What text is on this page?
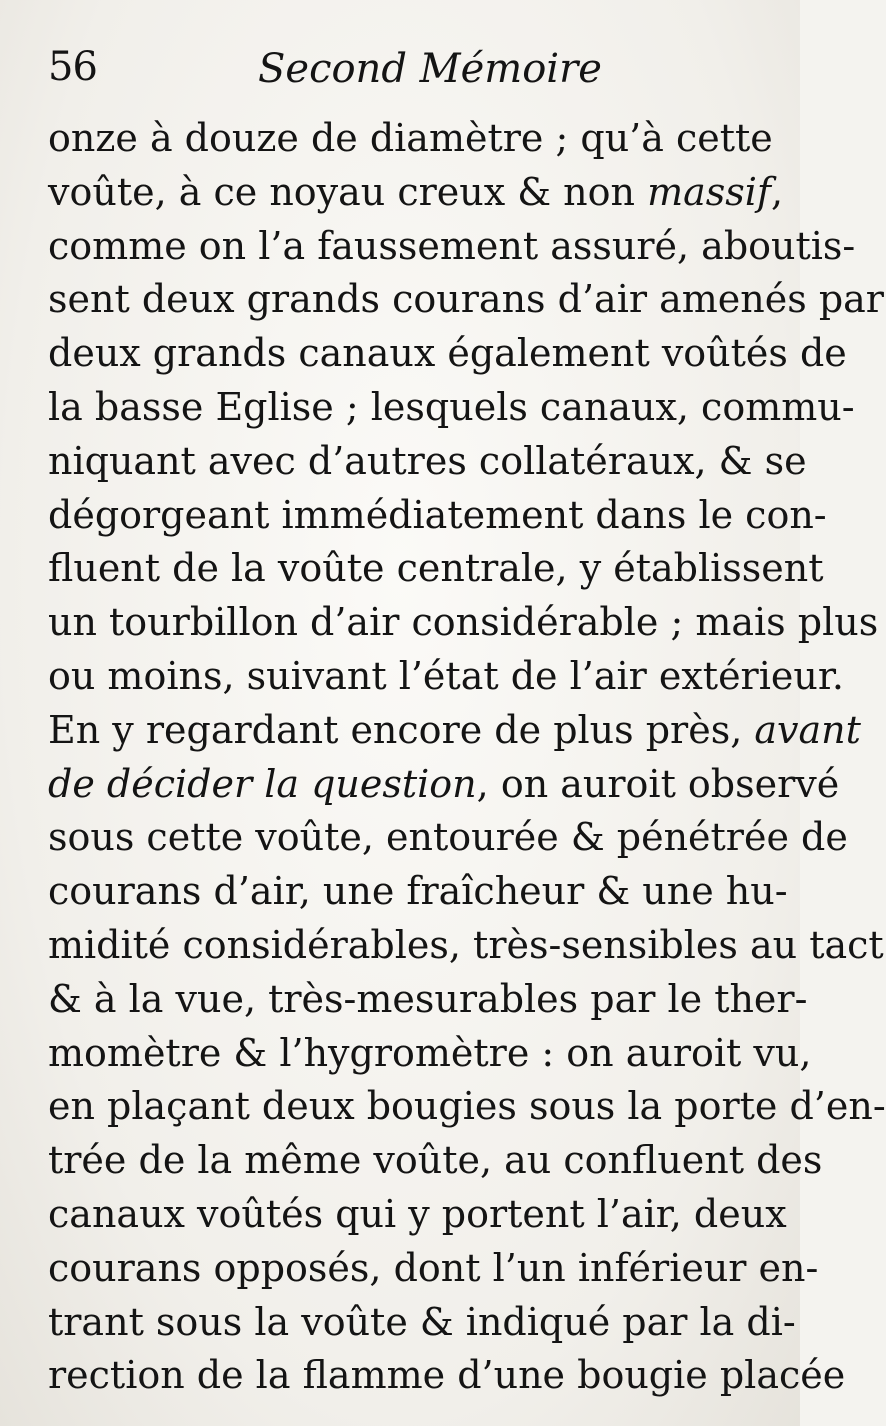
56	Second Mémoire
onze à douze de diamètre ; qu’à cette
voûte, à ce noyau creux & non massif,
comme on l’a faussement assuré, aboutis-
sent deux grands courans d’air amenés par
deux grands canaux également voûtés de
la basse Eglise ; lesquels canaux, commu-
niquant avec d’autres collatéraux, & se
dégorgeant immédiatement dans le con-
fluent de la voûte centrale, y établissent
un tourbillon d’air considérable ; mais plus
ou moins, suivant l’état de l’air extérieur.
En y regardant encore de plus près, avant
de décider la question, on auroit observé
sous cette voûte, entourée & pénétrée de
courans d’air, une fraîcheur & une hu-
midité considérables, très-sensibles au tact
& à la vue, très-mesurables par le ther-
momètre & l’hygromètre : on auroit vu,
en plaçant deux bougies sous la porte d’en-
trée de la même voûte, au confluent des
canaux voûtés qui y portent l’air, deux
courans opposés, dont l’un inférieur en-
trant sous la voûte & indiqué par la di-
rection de la flamme d’une bougie placée
